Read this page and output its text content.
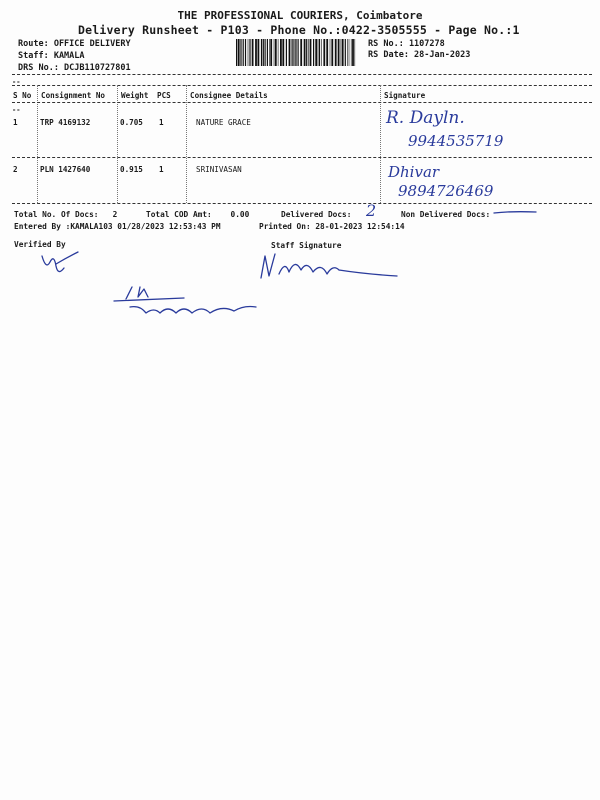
THE PROFESSIONAL COURIERS, Coimbatore
Delivery Runsheet - P103 - Phone No.:0422-3505555 - Page No.:1
Route: OFFICE DELIVERY
Staff: KAMALA
DRS No.: DCJB110727801
RS No.: 1107278
RS Date: 28-Jan-2023
--
S No Consignment No Weight PCS	Consignee Details	Signature
--
1	TRP 4169132	0.705 1	NATURE GRACE	R. Dayln.
9944535719
2	PLN 1427640	0.915 1	SRINIVASAN	Dhivar
9894726469
Total No. Of Docs:   2	Total COD Amt:    0.00	Delivered Docs: 2	Non Delivered Docs:
Entered By :KAMALA103 01/28/2023 12:53:43 PM	Printed On: 28-01-2023 12:54:14
Verified By	Staff Signature
